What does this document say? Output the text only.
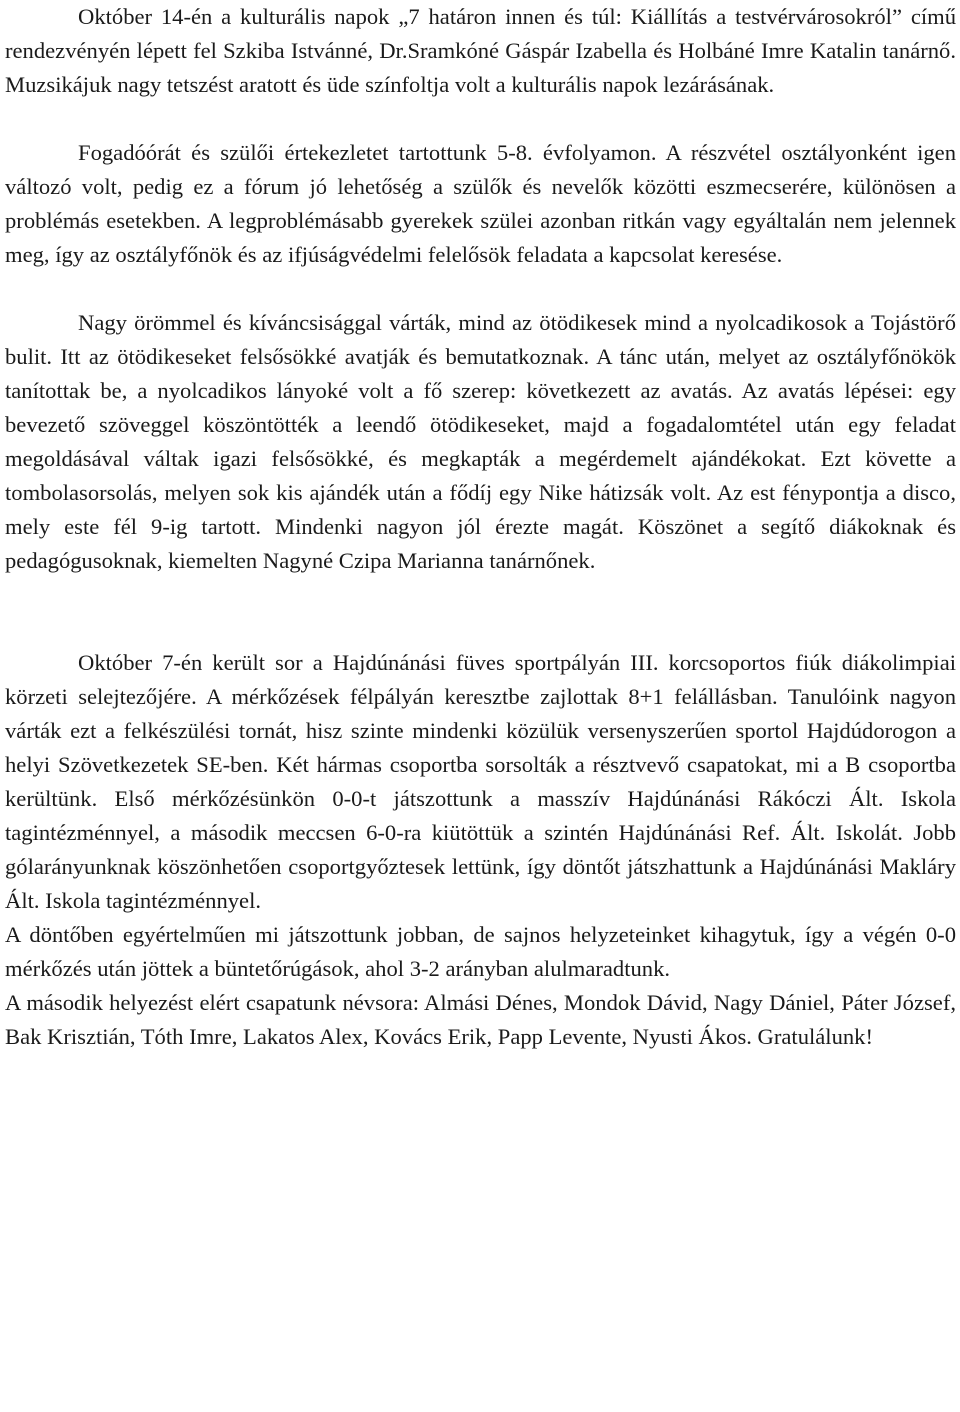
Október 14-én a kulturális napok „7 határon innen és túl: Kiállítás a testvérvárosokról” című rendezvényén lépett fel Szkiba Istvánné, Dr.Sramkóné Gáspár Izabella és Holbáné Imre Katalin tanárnő. Muzsikájuk nagy tetszést aratott és üde színfoltja volt a kulturális napok lezárásának.

Fogadóórát és szülői értekezletet tartottunk 5-8. évfolyamon. A részvétel osztályonként igen változó volt, pedig ez a fórum jó lehetőség a szülők és nevelők közötti eszmecserére, különösen a problémás esetekben. A legproblémásabb gyerekek szülei azonban ritkán vagy egyáltalán nem jelennek meg, így az osztályfőnök és az ifjúságvédelmi felelősök feladata a kapcsolat keresése.

Nagy örömmel és kíváncsisággal várták, mind az ötödikesek mind a nyolcadikosok a Tojástörő bulit. Itt az ötödikeseket felsősökké avatják és bemutatkoznak. A tánc után, melyet az osztályfőnökök tanítottak be, a nyolcadikos lányoké volt a fő szerep: következett az avatás. Az avatás lépései: egy bevezető szöveggel köszöntötték a leendő ötödikeseket, majd a fogadalomtétel után egy feladat megoldásával váltak igazi felsősökké, és megkapták a megérdemelt ajándékokat. Ezt követte a tombolasorsolás, melyen sok kis ajándék után a fődíj egy Nike hátizsák volt. Az est fénypontja a disco, mely este fél 9-ig tartott. Mindenki nagyon jól érezte magát. Köszönet a segítő diákoknak és pedagógusoknak, kiemelten Nagyné Czipa Marianna tanárnőnek.

Október 7-én került sor a Hajdúnánási füves sportpályán III. korcsoportos fiúk diákolimpiai körzeti selejtezőjére. A mérkőzések félpályán keresztbe zajlottak 8+1 felállásban. Tanulóink nagyon várták ezt a felkészülési tornát, hisz szinte mindenki közülük versenyszerűen sportol Hajdúdorogon a helyi Szövetkezetek SE-ben. Két hármas csoportba sorsolták a résztvevő csapatokat, mi a B csoportba kerültünk. Első mérkőzésünkön 0-0-t játszottunk a masszív Hajdúnánási Rákóczi Ált. Iskola tagintézménnyel, a második meccsen 6-0-ra kiütöttük a szintén Hajdúnánási Ref. Ált. Iskolát. Jobb gólarányunknak köszönhetően csoportgyőztesek lettünk, így döntőt játszhattunk a Hajdúnánási Makláry Ált. Iskola tagintézménnyel.

A döntőben egyértelműen mi játszottunk jobban, de sajnos helyzeteinket kihagytuk, így a végén 0-0 mérkőzés után jöttek a büntetőrúgások, ahol 3-2 arányban alulmaradtunk.

A második helyezést elért csapatunk névsora: Almási Dénes, Mondok Dávid, Nagy Dániel, Páter József, Bak Krisztián, Tóth Imre, Lakatos Alex, Kovács Erik, Papp Levente, Nyusti Ákos. Gratulálunk!
